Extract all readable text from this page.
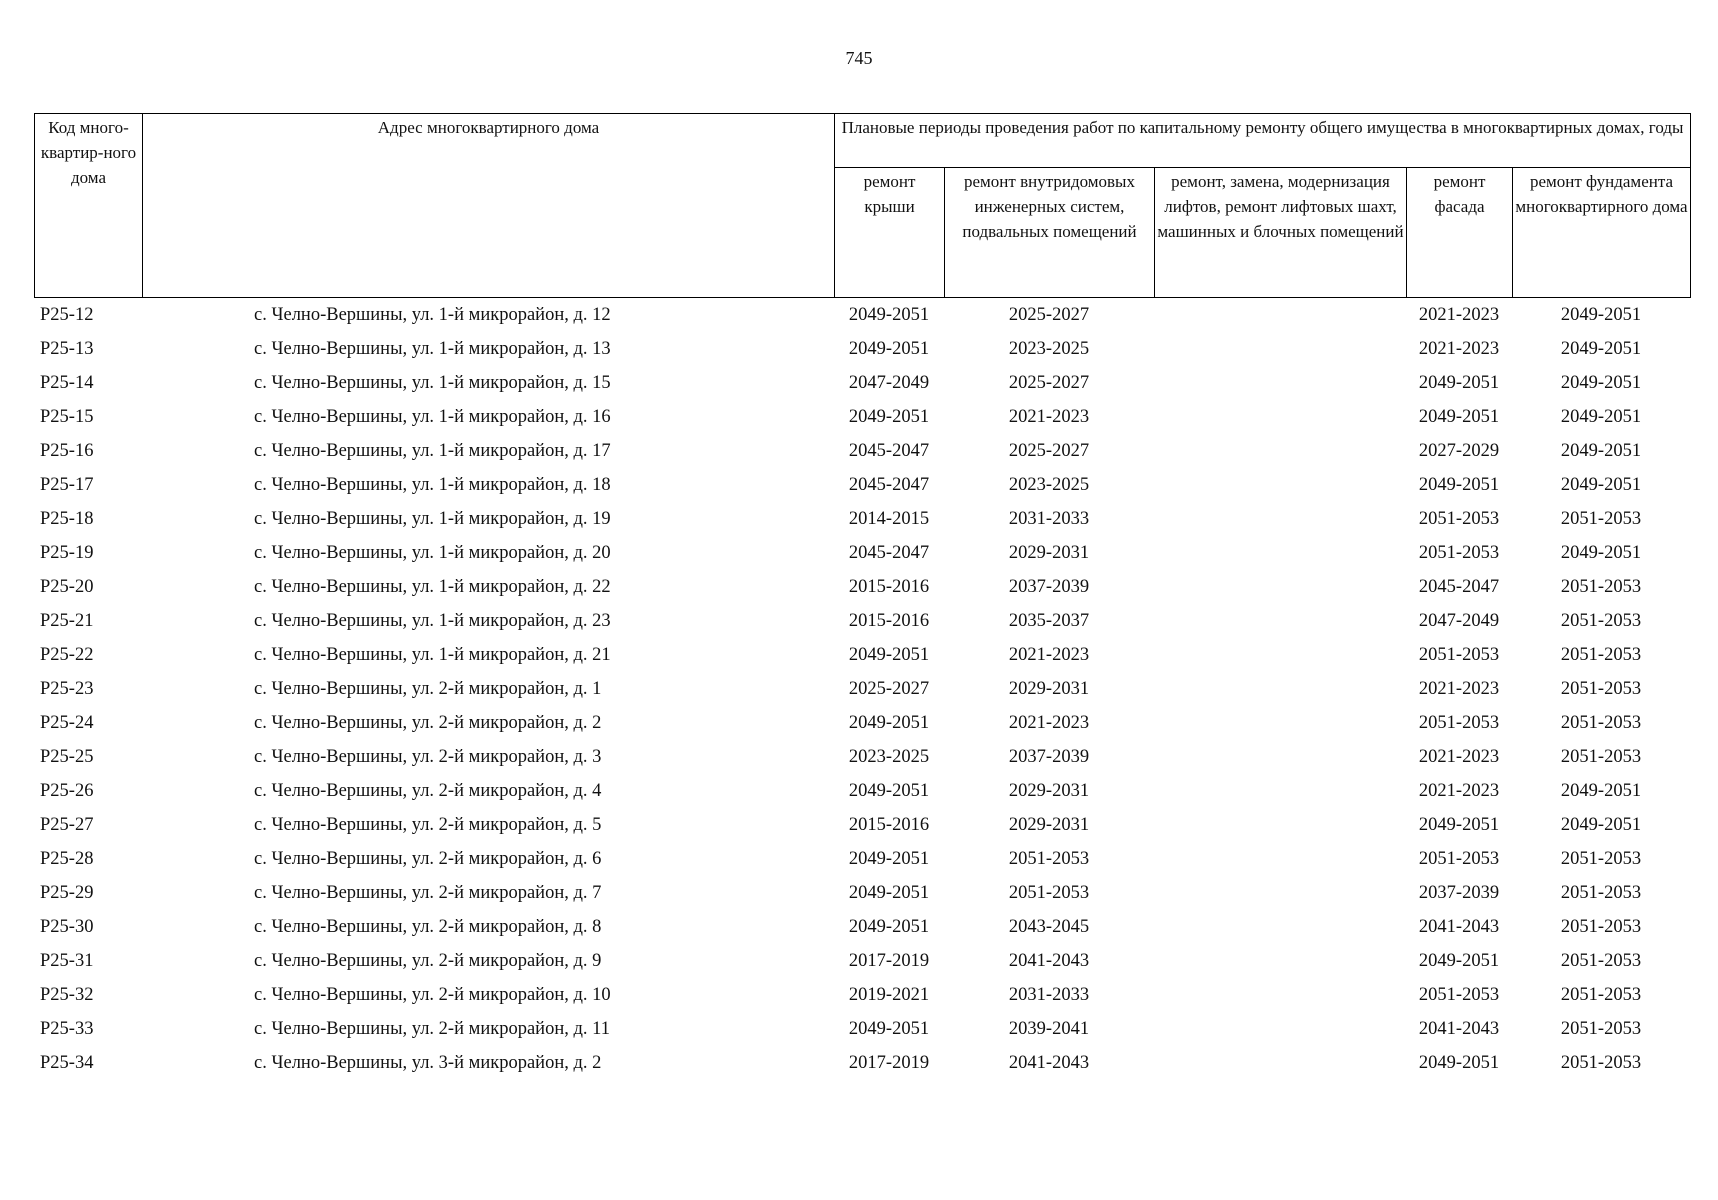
745
Код много-квартир-ного дома	Адрес многоквартирного дома	Плановые периоды проведения работ по капитальному ремонту общего имущества в многоквартирных домах, годы				
		ремонт крыши	ремонт внутридомовых инженерных систем, подвальных помещений	ремонт, замена, модернизация лифтов, ремонт лифтовых шахт, машинных и блочных помещений	ремонт фасада	ремонт фундамента многоквартирного дома
Р25-12	с. Челно-Вершины, ул. 1-й микрорайон, д. 12	2049-2051	2025-2027		2021-2023	2049-2051
Р25-13	с. Челно-Вершины, ул. 1-й микрорайон, д. 13	2049-2051	2023-2025		2021-2023	2049-2051
Р25-14	с. Челно-Вершины, ул. 1-й микрорайон, д. 15	2047-2049	2025-2027		2049-2051	2049-2051
Р25-15	с. Челно-Вершины, ул. 1-й микрорайон, д. 16	2049-2051	2021-2023		2049-2051	2049-2051
Р25-16	с. Челно-Вершины, ул. 1-й микрорайон, д. 17	2045-2047	2025-2027		2027-2029	2049-2051
Р25-17	с. Челно-Вершины, ул. 1-й микрорайон, д. 18	2045-2047	2023-2025		2049-2051	2049-2051
Р25-18	с. Челно-Вершины, ул. 1-й микрорайон, д. 19	2014-2015	2031-2033		2051-2053	2051-2053
Р25-19	с. Челно-Вершины, ул. 1-й микрорайон, д. 20	2045-2047	2029-2031		2051-2053	2049-2051
Р25-20	с. Челно-Вершины, ул. 1-й микрорайон, д. 22	2015-2016	2037-2039		2045-2047	2051-2053
Р25-21	с. Челно-Вершины, ул. 1-й микрорайон, д. 23	2015-2016	2035-2037		2047-2049	2051-2053
Р25-22	с. Челно-Вершины, ул. 1-й микрорайон, д. 21	2049-2051	2021-2023		2051-2053	2051-2053
Р25-23	с. Челно-Вершины, ул. 2-й микрорайон, д. 1	2025-2027	2029-2031		2021-2023	2051-2053
Р25-24	с. Челно-Вершины, ул. 2-й микрорайон, д. 2	2049-2051	2021-2023		2051-2053	2051-2053
Р25-25	с. Челно-Вершины, ул. 2-й микрорайон, д. 3	2023-2025	2037-2039		2021-2023	2051-2053
Р25-26	с. Челно-Вершины, ул. 2-й микрорайон, д. 4	2049-2051	2029-2031		2021-2023	2049-2051
Р25-27	с. Челно-Вершины, ул. 2-й микрорайон, д. 5	2015-2016	2029-2031		2049-2051	2049-2051
Р25-28	с. Челно-Вершины, ул. 2-й микрорайон, д. 6	2049-2051	2051-2053		2051-2053	2051-2053
Р25-29	с. Челно-Вершины, ул. 2-й микрорайон, д. 7	2049-2051	2051-2053		2037-2039	2051-2053
Р25-30	с. Челно-Вершины, ул. 2-й микрорайон, д. 8	2049-2051	2043-2045		2041-2043	2051-2053
Р25-31	с. Челно-Вершины, ул. 2-й микрорайон, д. 9	2017-2019	2041-2043		2049-2051	2051-2053
Р25-32	с. Челно-Вершины, ул. 2-й микрорайон, д. 10	2019-2021	2031-2033		2051-2053	2051-2053
Р25-33	с. Челно-Вершины, ул. 2-й микрорайон, д. 11	2049-2051	2039-2041		2041-2043	2051-2053
Р25-34	с. Челно-Вершины, ул. 3-й микрорайон, д. 2	2017-2019	2041-2043		2049-2051	2051-2053
